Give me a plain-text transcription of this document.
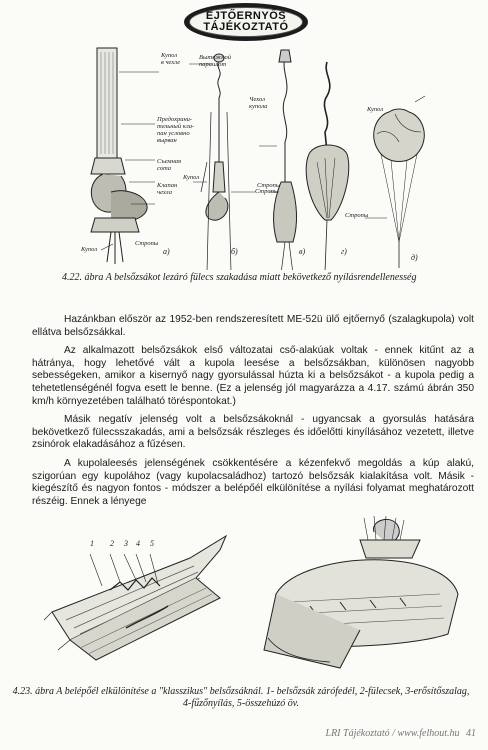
EJTŐERNYŐS
TÁJÉKOZTATÓ
Купол
в чехле
Предохрани-
тельный кла-
пан условно
вырван
Съемная
сота
Клапан
чехла
Купол
Стропы
Вытяжной
парашют
Купол
Стропы
Чехол
купола
Стропы
Купол
Стропы
а)	б)	в)	г)
д)
4.22. ábra A belsőzsákot lezáró fülecs szakadása miatt bekövetkező nyílásrendellenesség

Hazánkban először az 1952-ben rendszeresített ME-52ü ülő ejtőernyő (szalagkupola) volt ellátva belsőzsákkal.

Az alkalmazott belsőzsákok első változatai cső-alakúak voltak - ennek kitűnt az a hátránya, hogy lehetővé vált a kupola leesése a belsőzsákban, különösen nagyobb sebességeken, amikor a kisernyő nagy gyorsulással húzta ki a belsőzsákot - a kupola pedig a tehetetlenségénél fogva esett le benne. (Ez a jelenség jól magyarázza a 4.17. számú ábrán 350 km/h környezetében található töréspontokat.)

Másik negatív jelenség volt a belsőzsákoknál - ugyancsak a gyorsulás hatására bekövetkező fülecsszakadás, ami a belsőzsák részleges és időelőtti kinyílásához vezetett, illetve zsinórok elakadásához a fűzésen.

A kupolaleesés jelenségének csökkentésére a kézenfekvő megoldás a kúp alakú, szigorúan egy kupolához (vagy kupolacsaládhoz) tartozó belsőzsák kialakítása volt. Másik - kiegészítő és nagyon fontos - módszer a belépőél elkülönítése a nyílási folyamat meghatározott részéig. Ennek a lényege

1 2 3 4 5
4.23. ábra A belépőél elkülönítése a "klasszikus" belsőzsáknál. 1- belsőzsák zárófedél, 2-fülecsek, 3-erősítőszalag, 4-fűzőnyílás, 5-összehúzó öv.
LRI Tájékoztató / www.felhout.hu 41
